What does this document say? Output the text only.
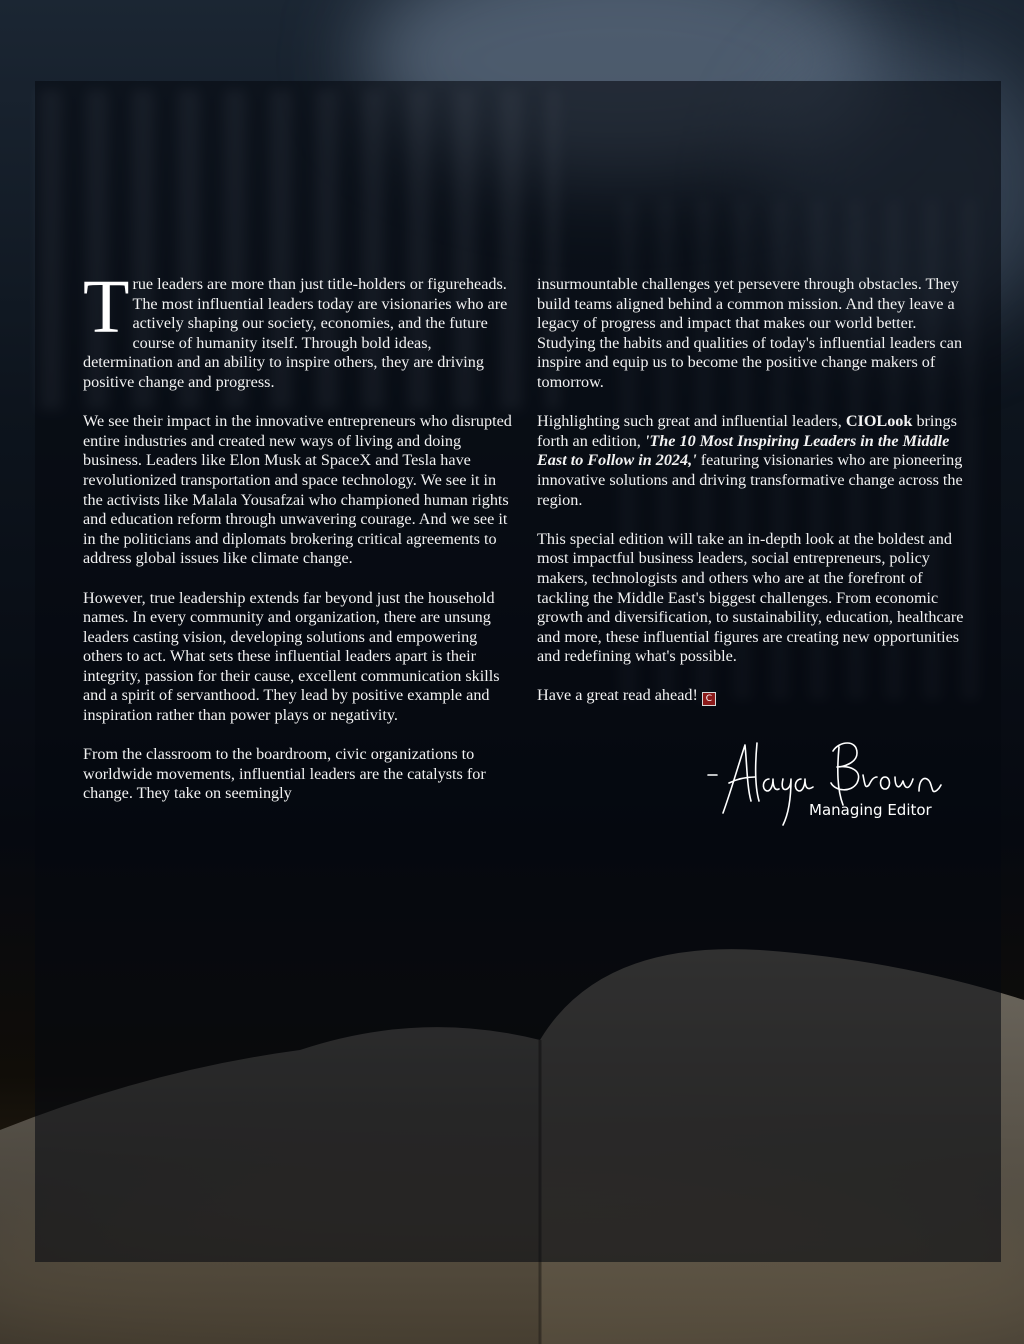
True leaders are more than just title-holders or figureheads. The most influential leaders today are visionaries who are actively shaping our society, economies, and the future course of humanity itself. Through bold ideas, determination and an ability to inspire others, they are driving positive change and progress.

We see their impact in the innovative entrepreneurs who disrupted entire industries and created new ways of living and doing business. Leaders like Elon Musk at SpaceX and Tesla have revolutionized transportation and space technology. We see it in the activists like Malala Yousafzai who championed human rights and education reform through unwavering courage. And we see it in the politicians and diplomats brokering critical agreements to address global issues like climate change.

However, true leadership extends far beyond just the household names. In every community and organization, there are unsung leaders casting vision, developing solutions and empowering others to act. What sets these influential leaders apart is their integrity, passion for their cause, excellent communication skills and a spirit of servanthood. They lead by positive example and inspiration rather than power plays or negativity.

From the classroom to the boardroom, civic organizations to worldwide movements, influential leaders are the catalysts for change. They take on seemingly

insurmountable challenges yet persevere through obstacles. They build teams aligned behind a common mission. And they leave a legacy of progress and impact that makes our world better. Studying the habits and qualities of today's influential leaders can inspire and equip us to become the positive change makers of tomorrow.

Highlighting such great and influential leaders, CIOLook brings forth an edition, 'The 10 Most Inspiring Leaders in the Middle East to Follow in 2024,' featuring visionaries who are pioneering innovative solutions and driving transformative change across the region.

This special edition will take an in-depth look at the boldest and most impactful business leaders, social entrepreneurs, policy makers, technologists and others who are at the forefront of tackling the Middle East's biggest challenges. From economic growth and diversification, to sustainability, education, healthcare and more, these influential figures are creating new opportunities and redefining what's possible.

Have a great read ahead! C

-Alaya Brown
Managing Editor
